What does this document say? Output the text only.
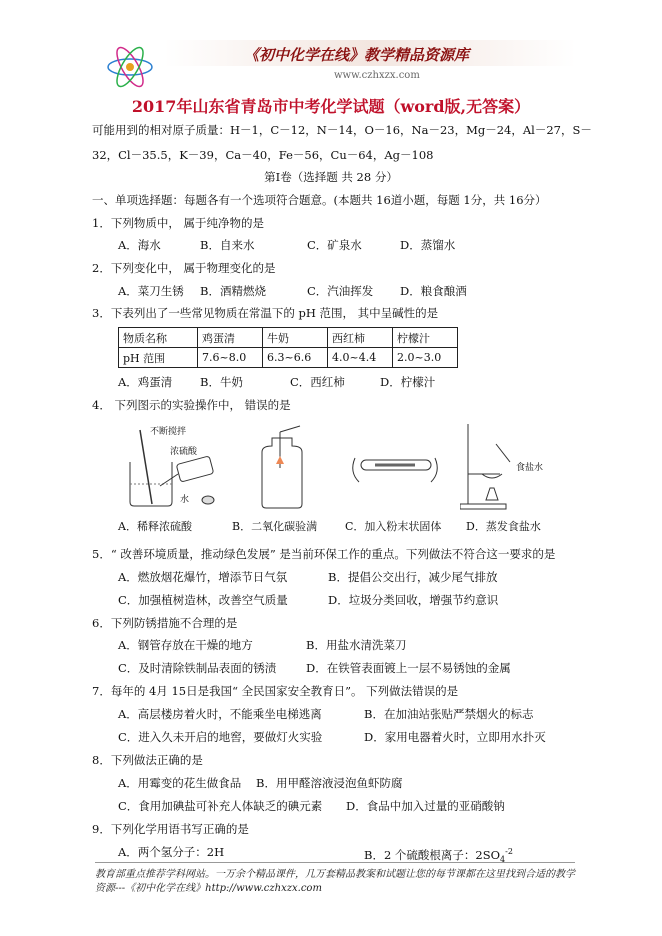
《初中化学在线》教学精品资源库
www.czhxzx.com
2017年山东省青岛市中考化学试题（word版,无答案）
可能用到的相对原子质量：H－1，C－12，N－14，O－16，Na－23，Mg－24，Al－27，S－
32，Cl－35.5，K－39，Ca－40，Fe－56，Cu－64，Ag－108
第Ⅰ卷（选择题 共 28 分）
一、单项选择题：每题各有一个选项符合题意。(本题共 16道小题，每题 1分，共 16分）
1．下列物质中， 属于纯净物的是
A．海水	B．自来水	C．矿泉水	D．蒸馏水
2．下列变化中， 属于物理变化的是
A．菜刀生锈 B．酒精燃烧	C．汽油挥发 D．粮食酿酒
3．下表列出了一些常见物质在常温下的 pH 范围， 其中呈碱性的是
物质名称	鸡蛋清	牛奶	西红柿	柠檬汁
pH 范围	7.6~8.0	6.3~6.6	4.0~4.4	2.0~3.0
A．鸡蛋清 B．牛奶	C．西红柿	D．柠檬汁
4． 下列图示的实验操作中， 错误的是
不断搅拌
浓硫酸
水
食盐水
A．稀释浓硫酸	B．二氧化碳验满	C．加入粉末状固体 D．蒸发食盐水
5．“ 改善环境质量，推动绿色发展” 是当前环保工作的重点。下列做法不符合这一要求的是
A．燃放烟花爆竹，增添节日气氛	B．提倡公交出行，减少尾气排放
C．加强植树造林，改善空气质量	D．垃圾分类回收，增强节约意识
6．下列防锈措施不合理的是
A．钢管存放在干燥的地方	B．用盐水清洗菜刀
C．及时清除铁制品表面的锈渍	D．在铁管表面镀上一层不易锈蚀的金属
7．每年的 4月 15日是我国“ 全民国家安全教育日”。 下列做法错误的是
A．高层楼房着火时，不能乘坐电梯逃离	B．在加油站张贴严禁烟火的标志
C．进入久未开启的地窖，要做灯火实验	D．家用电器着火时，立即用水扑灭
8．下列做法正确的是
A．用霉变的花生做食品 B．用甲醛溶液浸泡鱼虾防腐
C．食用加碘盐可补充人体缺乏的碘元素 D．食品中加入过量的亚硝酸钠
9．下列化学用语书写正确的是
A．两个氢分子：2H	B．2 个硫酸根离子：$2SO_4^{-2}$
教育部重点推荐学科网站。一万余个精品课件，几万套精品教案和试题让您的每节课都在这里找到合适的教学
资源---《初中化学在线》http://www.czhxzx.com
